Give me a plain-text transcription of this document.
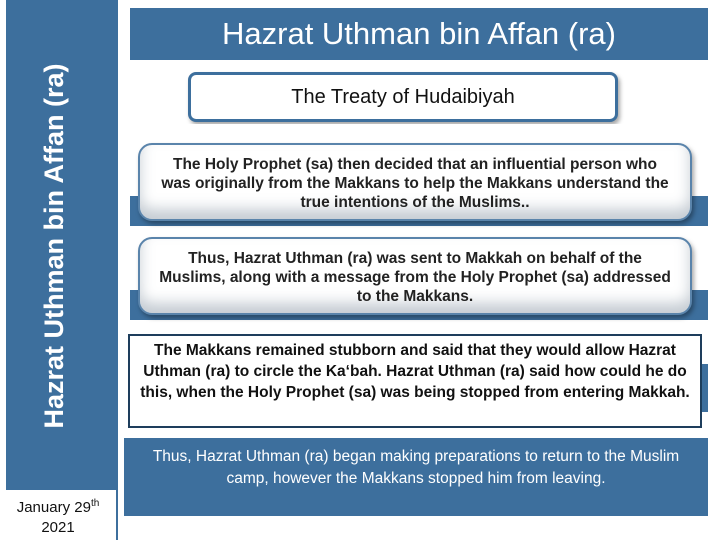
Hazrat Uthman bin Affan (ra)
January 29th
2021
Hazrat Uthman bin Affan (ra)
The Treaty of Hudaibiyah
The Holy Prophet (sa) then decided that an influential person who was originally from the Makkans to help the Makkans understand the true intentions of the Muslims..
Thus, Hazrat Uthman (ra) was sent to Makkah on behalf of the Muslims, along with a message from the Holy Prophet (sa) addressed to the Makkans.
The Makkans remained stubborn and said that they would allow Hazrat Uthman (ra) to circle the Ka‘bah. Hazrat Uthman (ra) said how could he do this, when the Holy Prophet (sa) was being stopped from entering Makkah.
Thus, Hazrat Uthman (ra) began making preparations to return to the Muslim camp, however the Makkans stopped him from leaving.
